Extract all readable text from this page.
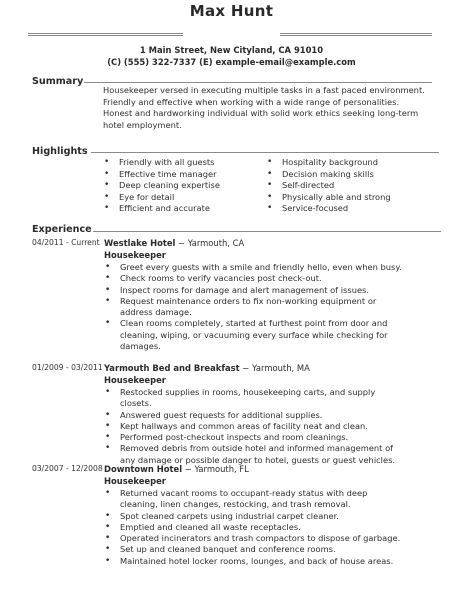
Max Hunt
1 Main Street, New Cityland, CA 91010
(C) (555) 322-7337 (E) example-email@example.com
Summary
Housekeeper versed in executing multiple tasks in a fast paced environment.
Friendly and effective when working with a wide range of personalities.
Honest and hardworking individual with solid work ethics seeking long-term
hotel employment.
Highlights
• Friendly with all guests
• Effective time manager
• Deep cleaning expertise
• Eye for detail
• Efficient and accurate
• Hospitality background
• Decision making skills
• Self-directed
• Physically able and strong
• Service-focused
Experience
04/2011 - Current Westlake Hotel − Yarmouth, CA
Housekeeper
• Greet every guests with a smile and friendly hello, even when busy.
• Check rooms to verify vacancies post check-out.
• Inspect rooms for damage and alert management of issues.
• Request maintenance orders to fix non-working equipment or address damage.
• Clean rooms completely, started at furthest point from door and cleaning, wiping, or vacuuming every surface while checking for damages.
01/2009 - 03/2011 Yarmouth Bed and Breakfast − Yarmouth, MA
Housekeeper
• Restocked supplies in rooms, housekeeping carts, and supply closets.
• Answered guest requests for additional supplies.
• Kept hallways and common areas of facility neat and clean.
• Performed post-checkout inspects and room cleanings.
• Removed debris from outside hotel and informed management of any damage or possible danger to hotel, guests or guest vehicles.
03/2007 - 12/2008 Downtown Hotel − Yarmouth, FL
Housekeeper
• Returned vacant rooms to occupant-ready status with deep cleaning, linen changes, restocking, and trash removal.
• Spot cleaned carpets using industrial carpet cleaner.
• Emptied and cleaned all waste receptacles.
• Operated incinerators and trash compactors to dispose of garbage.
• Set up and cleaned banquet and conference rooms.
• Maintained hotel locker rooms, lounges, and back of house areas.
